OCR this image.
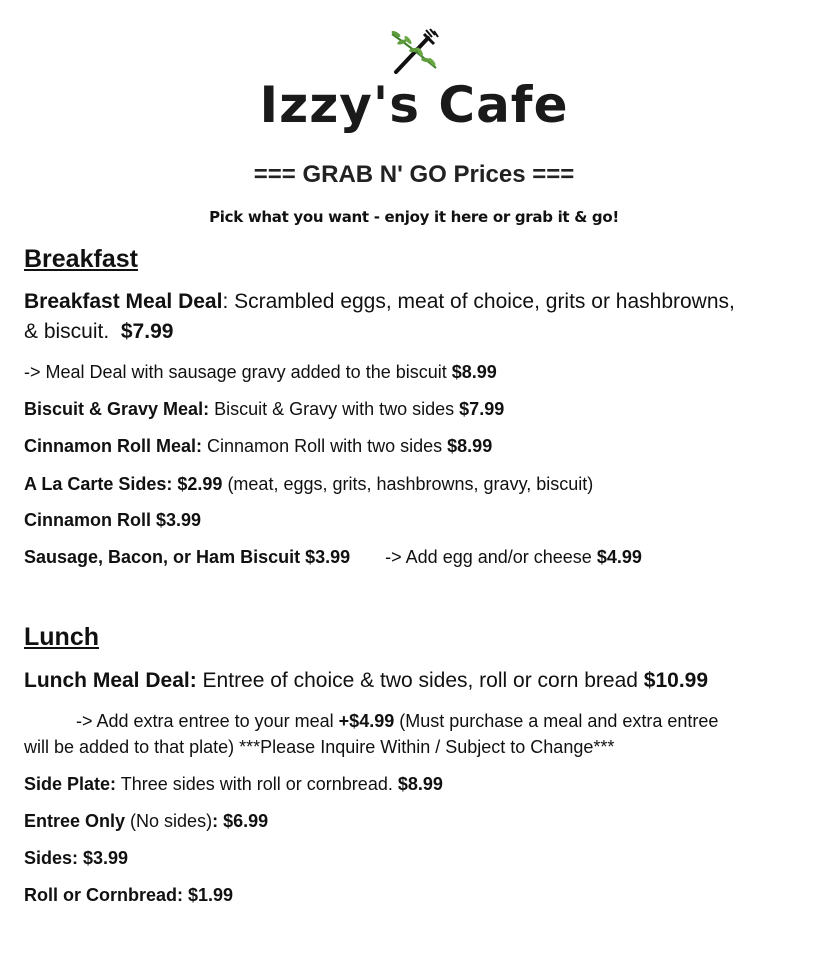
Izzy's Cafe
=== GRAB N' GO Prices ===
Pick what you want - enjoy it here or grab it & go!
Breakfast
Breakfast Meal Deal: Scrambled eggs, meat of choice, grits or hashbrowns,
& biscuit. $7.99
-> Meal Deal with sausage gravy added to the biscuit $8.99
Biscuit & Gravy Meal: Biscuit & Gravy with two sides $7.99
Cinnamon Roll Meal: Cinnamon Roll with two sides $8.99
A La Carte Sides: $2.99 (meat, eggs, grits, hashbrowns, gravy, biscuit)
Cinnamon Roll $3.99
Sausage, Bacon, or Ham Biscuit $3.99 -> Add egg and/or cheese $4.99
Lunch
Lunch Meal Deal: Entree of choice & two sides, roll or corn bread $10.99
-> Add extra entree to your meal +$4.99 (Must purchase a meal and extra entree
will be added to that plate) ***Please Inquire Within / Subject to Change***
Side Plate: Three sides with roll or cornbread. $8.99
Entree Only (No sides): $6.99
Sides: $3.99
Roll or Cornbread: $1.99
